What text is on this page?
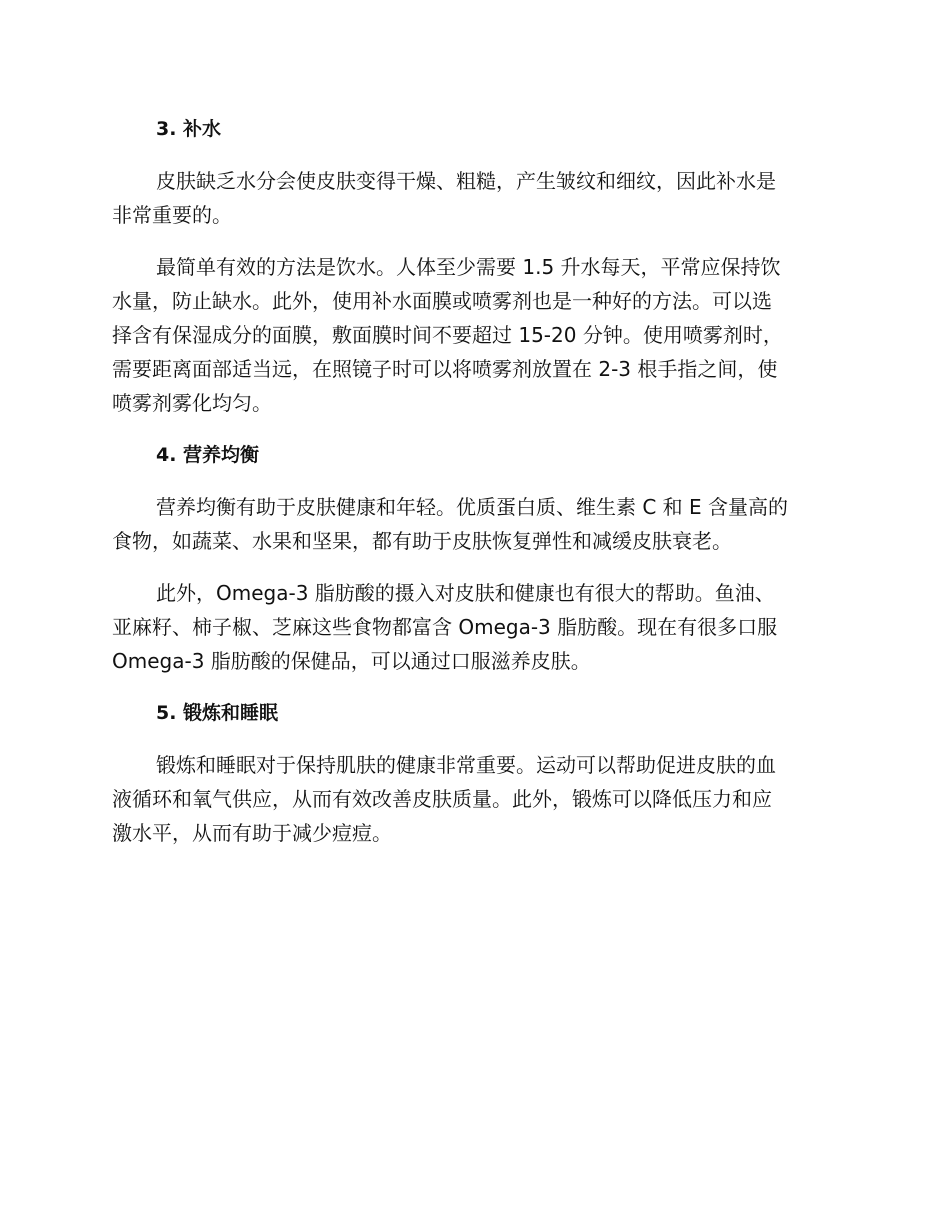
3. 补水

皮肤缺乏水分会使皮肤变得干燥、粗糙，产生皱纹和细纹，因此补水是
非常重要的。

最简单有效的方法是饮水。人体至少需要 1.5 升水每天，平常应保持饮
水量，防止缺水。此外，使用补水面膜或喷雾剂也是一种好的方法。可以选
择含有保湿成分的面膜，敷面膜时间不要超过 15-20 分钟。使用喷雾剂时，
需要距离面部适当远，在照镜子时可以将喷雾剂放置在 2-3 根手指之间，使
喷雾剂雾化均匀。

4. 营养均衡

营养均衡有助于皮肤健康和年轻。优质蛋白质、维生素 C 和 E 含量高的
食物，如蔬菜、水果和坚果，都有助于皮肤恢复弹性和减缓皮肤衰老。

此外，Omega-3 脂肪酸的摄入对皮肤和健康也有很大的帮助。鱼油、
亚麻籽、柿子椒、芝麻这些食物都富含 Omega-3 脂肪酸。现在有很多口服
Omega-3 脂肪酸的保健品，可以通过口服滋养皮肤。

5. 锻炼和睡眠

锻炼和睡眠对于保持肌肤的健康非常重要。运动可以帮助促进皮肤的血
液循环和氧气供应，从而有效改善皮肤质量。此外，锻炼可以降低压力和应
激水平，从而有助于减少痘痘。
